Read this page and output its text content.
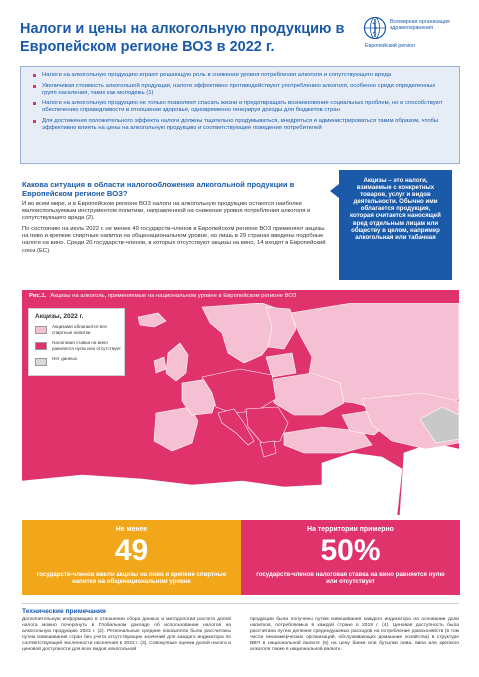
Налоги и цены на алкогольную продукцию в Европейском регионе ВОЗ в 2022 г.
Всемирная организация здравоохранения
Европейский регион
Налоги на алкогольную продукцию играют решающую роль в снижении уровня потребления алкоголя и сопутствующего вреда
Увеличивая стоимость алкогольной продукции, налоги эффективно противодействуют употреблению алкоголя, особенно среди определенных групп населения, таких как молодежь (1)
Налоги на алкогольную продукцию не только позволяют спасать жизни и предотвращать возникновение социальных проблем, но и способствуют обеспечению справедливости в отношении здоровья, одновременно генерируя доходы для бюджетов стран
Для достижения положительного эффекта налоги должны тщательно продумываться, внедряться и администрироваться таким образом, чтобы эффективно влиять на цены на алкогольную продукцию и соответствующее поведение потребителей
Какова ситуация в области налогообложения алкогольной продукции в Европейском регионе ВОЗ?

И во всем мире, и в Европейском регионе ВОЗ налоги на алкогольную продукцию остаются наиболее малоиспользуемым инструментом политики, направленной на снижение уровня потребления алкоголя и сопутствующего вреда (2).

По состоянию на июль 2022 г. не менее 49 государств-членов в Европейском регионе ВОЗ применяют акцизы на пиво и крепкие спиртные напитки на общенациональном уровне, но лишь в 29 странах введены подобные налоги на вино. Среди 20 государств-членов, в которых отсутствуют акцизы на вино, 14 входят в Европейский союз (ЕС).

Акцизы – это налоги, взимаемые с конкретных товаров, услуг и видов деятельности. Обычно ими облагается продукция, которая считается наносящей вред отдельным лицам или обществу в целом, например алкогольная или табачная
Рис.1. Акцизы на алкоголь, применяемые на национальном уровне в Европейском регионе ВОЗ
Акцизы, 2022 г.
Акцизами облагаются все спиртные напитки
Налоговая ставка на вино равняется нулю или отсутствует
Нет данных
Не менее
49
государств-членов ввели акцизы на пиво и крепкие спиртные напитки на общенациональном уровне
На территории примерно
50%
государств-членов налоговая ставка на вино равняется нулю или отсутствует
Технические примечания
Дополнительную информацию в отношении сбора данных и методологии расчета долей налога можно почерпнуть в Глобальном докладе об использовании налогов на алкогольную продукцию 2023 г. (2). Региональные средние показатели были рассчитаны путем взвешивания стран без учета отсутствующих значений для каждого индикатора по соответствующей численности населения в 2022 г. (3). Совокупные оценки долей налога и ценовой доступности для всех видов алкогольной
продукции были получены путем взвешивания каждого индикатора на основании доли напитков, потребляемых в каждой стране в 2019 г. (4). Ценовая доступность была рассчитана путем деления среднедушевых расходов на потребление домохозяйств (в том числе некоммерческих организаций, обслуживающих домашние хозяйства) в структуре ВВП в национальной валюте (5) на цену банки или бутылки пива, вина или крепкого алкоголя также в национальной валюте.
